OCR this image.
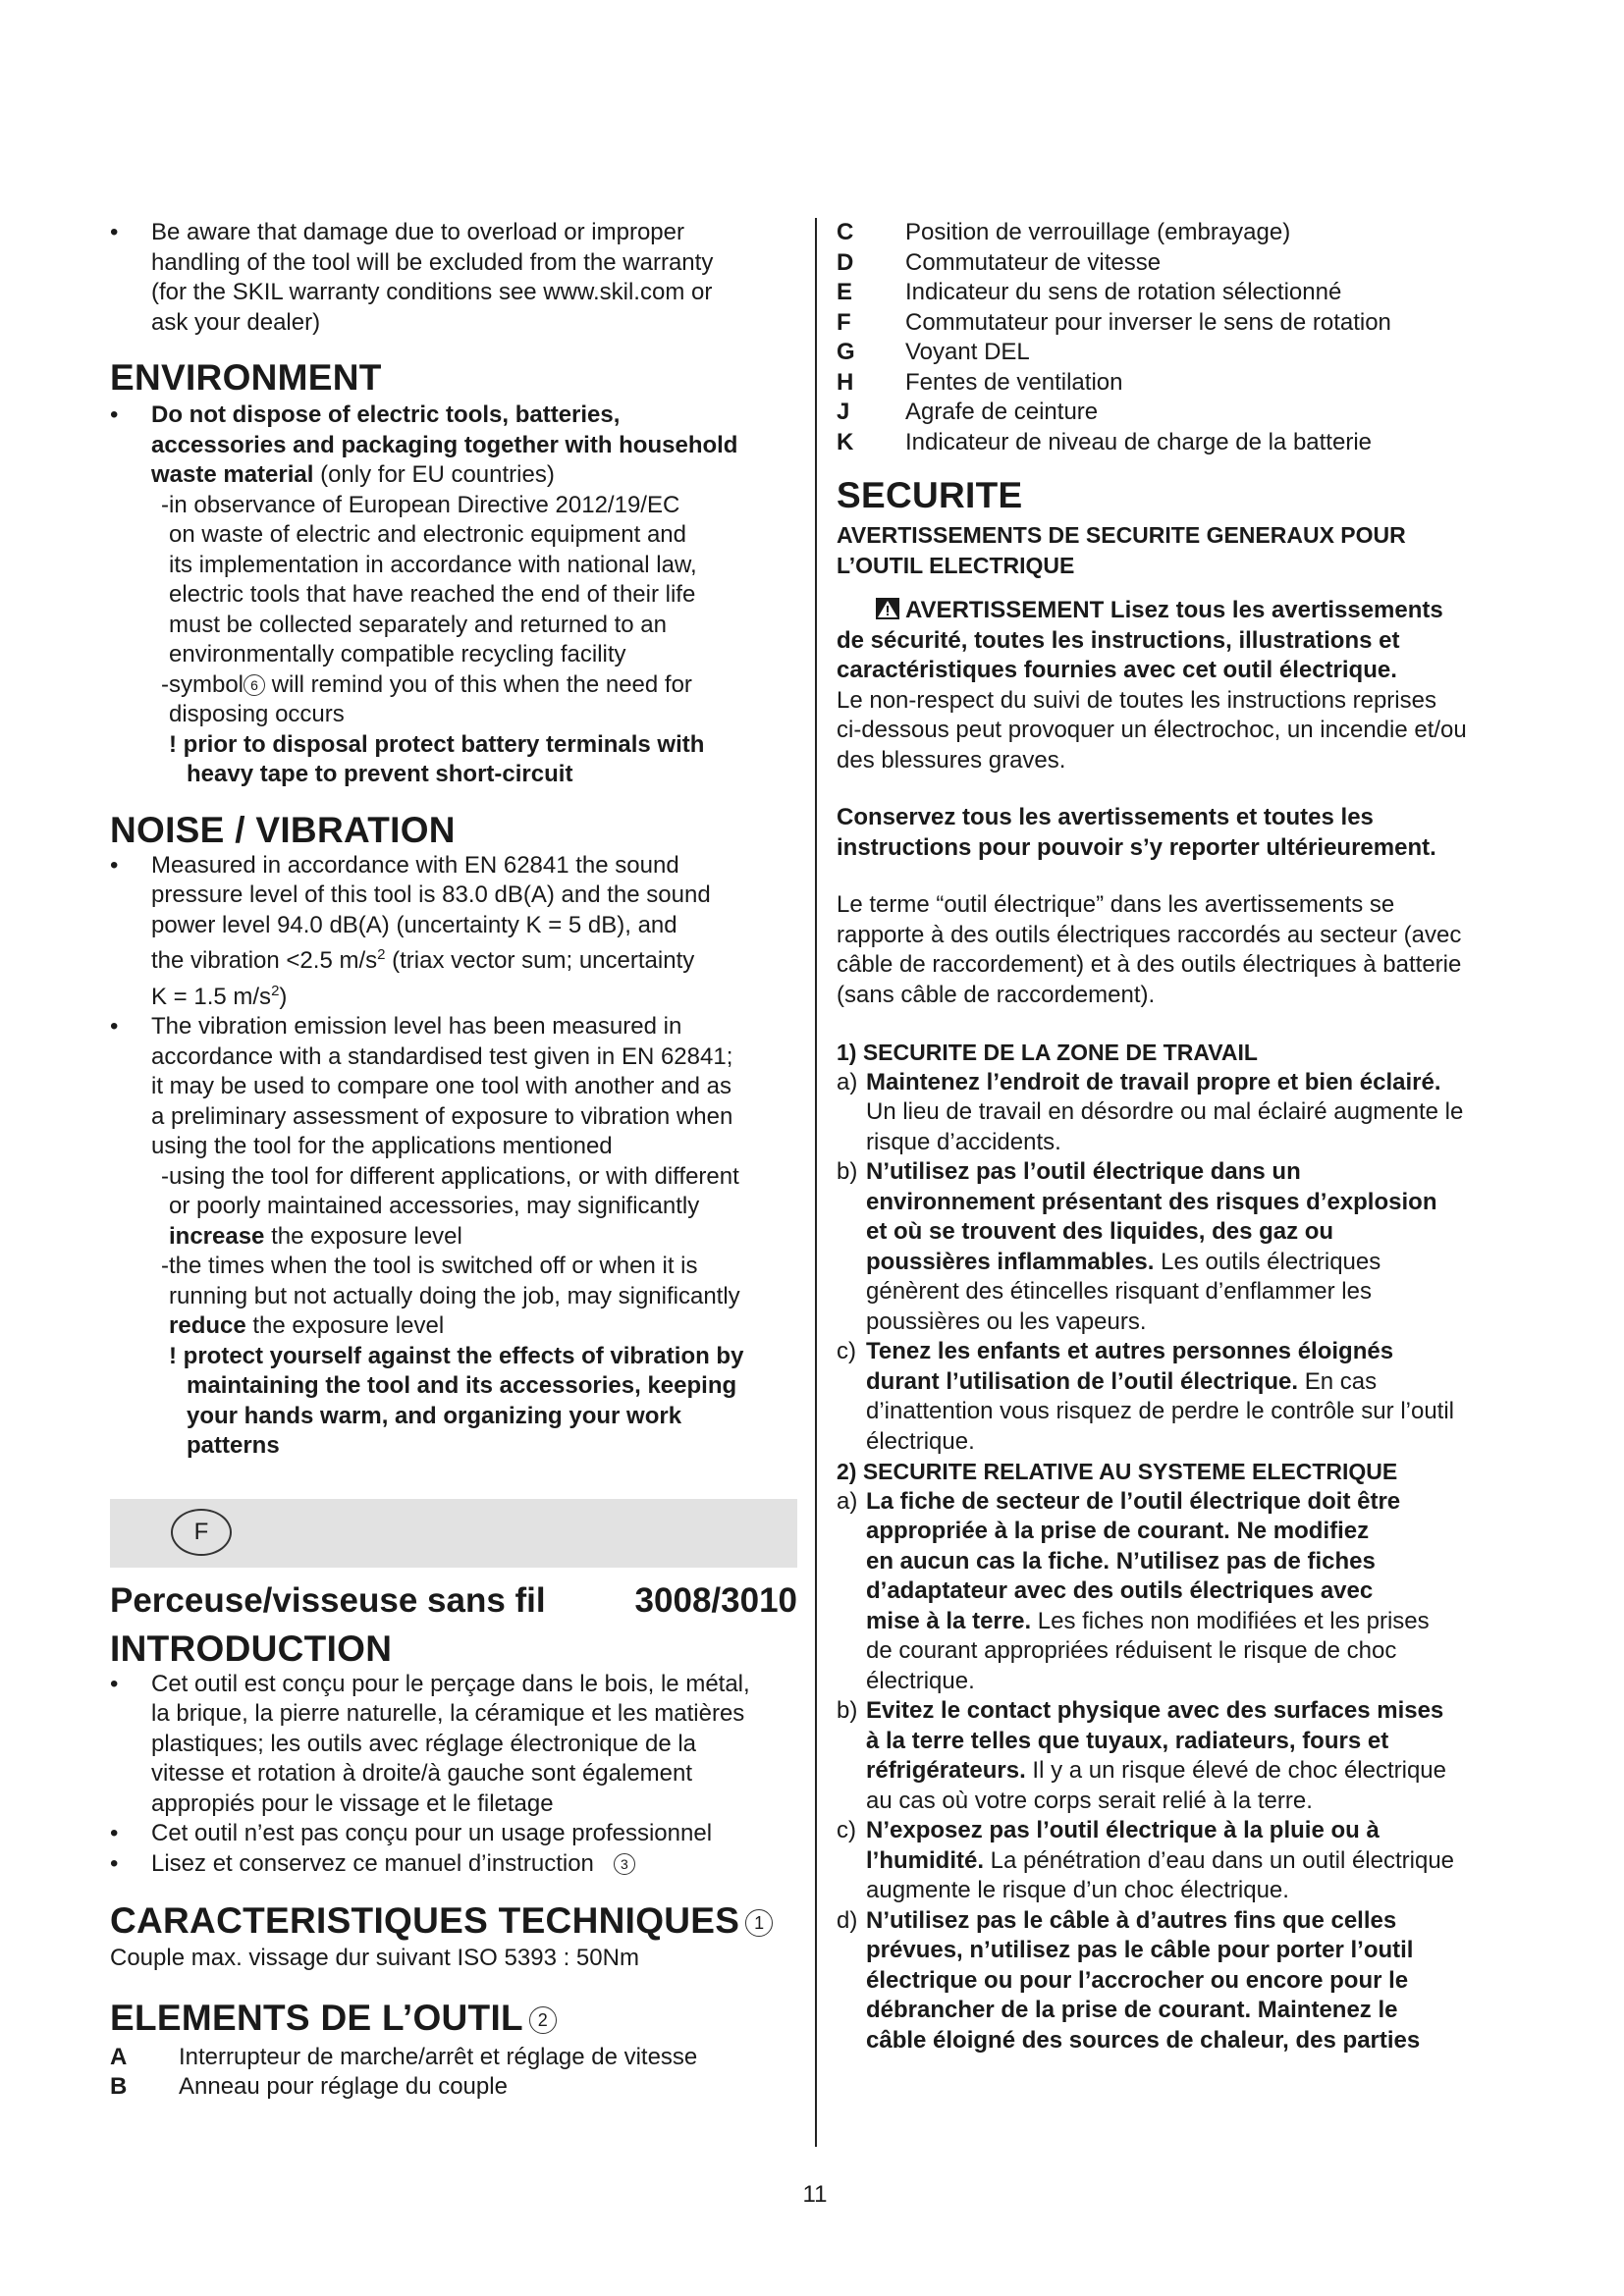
• Be aware that damage due to overload or improper
handling of the tool will be excluded from the warranty
(for the SKIL warranty conditions see www.skil.com or
ask your dealer)
ENVIRONMENT
• Do not dispose of electric tools, batteries,
accessories and packaging together with household
waste material (only for EU countries)
-in observance of European Directive 2012/19/EC
on waste of electric and electronic equipment and
its implementation in accordance with national law,
electric tools that have reached the end of their life
must be collected separately and returned to an
environmentally compatible recycling facility
-symbol 6 will remind you of this when the need for
disposing occurs
! prior to disposal protect battery terminals with
heavy tape to prevent short-circuit
NOISE / VIBRATION
• Measured in accordance with EN 62841 the sound
pressure level of this tool is 83.0 dB(A) and the sound
power level 94.0 dB(A) (uncertainty K = 5 dB), and
the vibration <2.5 $m/s^2$ (triax vector sum; uncertainty
K = 1.5 $m/s^2$)
• The vibration emission level has been measured in
accordance with a standardised test given in EN 62841;
it may be used to compare one tool with another and as
a preliminary assessment of exposure to vibration when
using the tool for the applications mentioned
-using the tool for different applications, or with different
or poorly maintained accessories, may significantly
increase the exposure level
-the times when the tool is switched off or when it is
running but not actually doing the job, may significantly
reduce the exposure level
! protect yourself against the effects of vibration by
maintaining the tool and its accessories, keeping
your hands warm, and organizing your work
patterns
F
Perceuse/visseuse sans fil	3008/3010
INTRODUCTION
• Cet outil est conçu pour le perçage dans le bois, le métal,
la brique, la pierre naturelle, la céramique et les matières
plastiques; les outils avec réglage électronique de la
vitesse et rotation à droite/à gauche sont également
appropiés pour le vissage et le filetage
• Cet outil n’est pas conçu pour un usage professionnel
• Lisez et conservez ce manuel d’instruction 3
CARACTERISTIQUES TECHNIQUES 1
Couple max. vissage dur suivant ISO 5393 : 50Nm
ELEMENTS DE L’OUTIL 2
A	Interrupteur de marche/arrêt et réglage de vitesse
B	Anneau pour réglage du couple
C	Position de verrouillage (embrayage)
D	Commutateur de vitesse
E	Indicateur du sens de rotation sélectionné
F	Commutateur pour inverser le sens de rotation
G	Voyant DEL
H	Fentes de ventilation
J	Agrafe de ceinture
K	Indicateur de niveau de charge de la batterie
SECURITE
AVERTISSEMENTS DE SECURITE GENERAUX POUR
L’OUTIL ELECTRIQUE
AVERTISSEMENT Lisez tous les avertissements
de sécurité, toutes les instructions, illustrations et
caractéristiques fournies avec cet outil électrique.
Le non-respect du suivi de toutes les instructions reprises
ci-dessous peut provoquer un électrochoc, un incendie et/ou
des blessures graves.
Conservez tous les avertissements et toutes les
instructions pour pouvoir s’y reporter ultérieurement.
Le terme “outil électrique” dans les avertissements se
rapporte à des outils électriques raccordés au secteur (avec
câble de raccordement) et à des outils électriques à batterie
(sans câble de raccordement).
1) SECURITE DE LA ZONE DE TRAVAIL
a) Maintenez l’endroit de travail propre et bien éclairé.
Un lieu de travail en désordre ou mal éclairé augmente le
risque d’accidents.
b) N’utilisez pas l’outil électrique dans un
environnement présentant des risques d’explosion
et où se trouvent des liquides, des gaz ou
poussières inflammables. Les outils électriques
génèrent des étincelles risquant d’enflammer les
poussières ou les vapeurs.
c) Tenez les enfants et autres personnes éloignés
durant l’utilisation de l’outil électrique. En cas
d’inattention vous risquez de perdre le contrôle sur l’outil
électrique.
2) SECURITE RELATIVE AU SYSTEME ELECTRIQUE
a) La fiche de secteur de l’outil électrique doit être
appropriée à la prise de courant. Ne modifiez
en aucun cas la fiche. N’utilisez pas de fiches
d’adaptateur avec des outils électriques avec
mise à la terre. Les fiches non modifiées et les prises
de courant appropriées réduisent le risque de choc
électrique.
b) Evitez le contact physique avec des surfaces mises
à la terre telles que tuyaux, radiateurs, fours et
réfrigérateurs. Il y a un risque élevé de choc électrique
au cas où votre corps serait relié à la terre.
c) N’exposez pas l’outil électrique à la pluie ou à
l’humidité. La pénétration d’eau dans un outil électrique
augmente le risque d’un choc électrique.
d) N’utilisez pas le câble à d’autres fins que celles
prévues, n’utilisez pas le câble pour porter l’outil
électrique ou pour l’accrocher ou encore pour le
débrancher de la prise de courant. Maintenez le
câble éloigné des sources de chaleur, des parties
11
